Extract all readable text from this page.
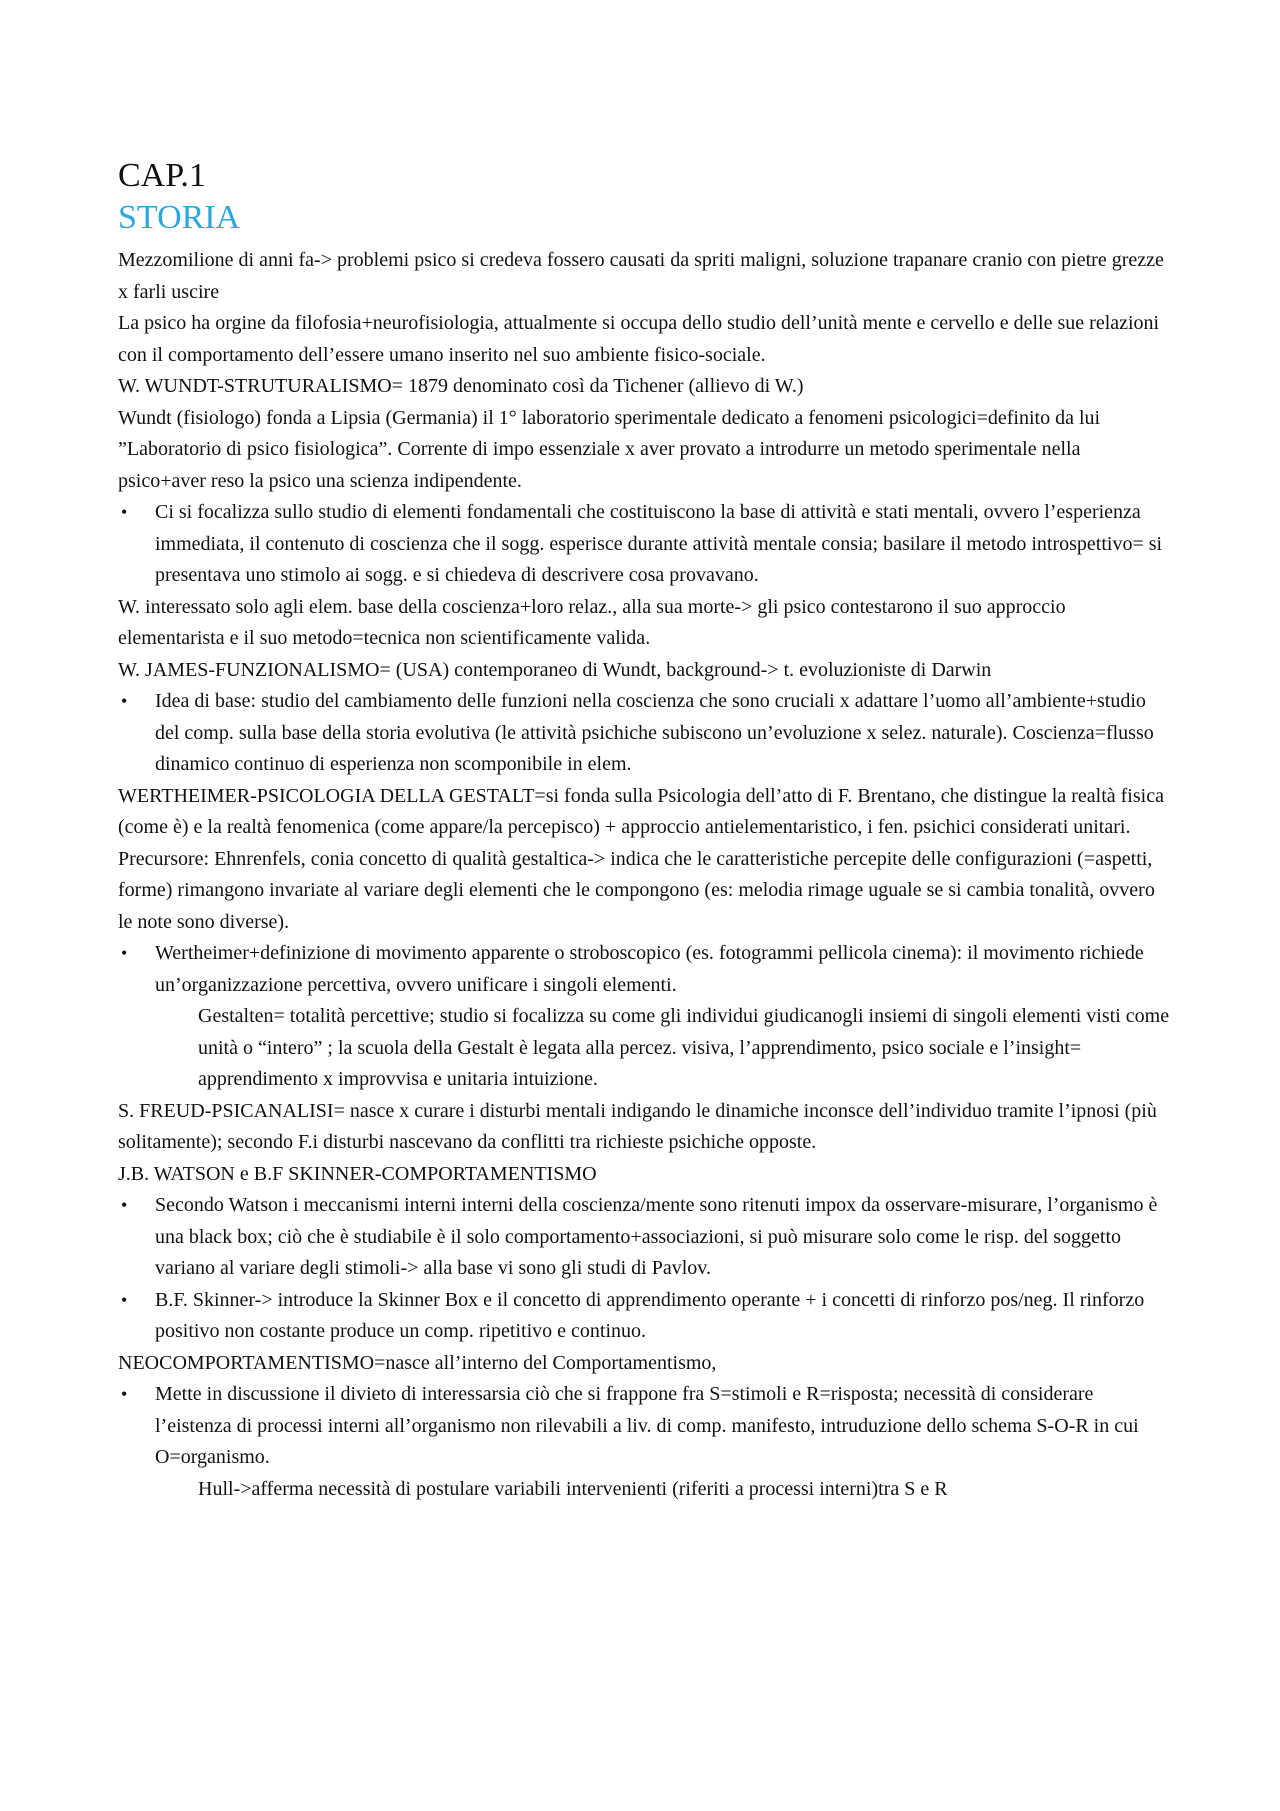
CAP.1
STORIA

Mezzomilione di anni fa-> problemi psico si credeva fossero causati da spriti maligni, soluzione trapanare cranio con pietre grezze x farli uscire

La psico ha orgine da filofosia+neurofisiologia, attualmente si occupa dello studio dell’unità mente e cervello e delle sue relazioni con il comportamento dell’essere umano inserito nel suo ambiente fisico-sociale.

W. WUNDT-STRUTURALISMO= 1879 denominato così da Tichener (allievo di W.)

Wundt (fisiologo) fonda a Lipsia (Germania) il 1° laboratorio sperimentale dedicato a fenomeni psicologici=definito da lui ”Laboratorio di psico fisiologica”. Corrente di impo essenziale x aver provato a introdurre un metodo sperimentale nella psico+aver reso la psico una scienza indipendente.

• Ci si focalizza sullo studio di elementi fondamentali che costituiscono la base di attività e stati mentali, ovvero l’esperienza immediata, il contenuto di coscienza che il sogg. esperisce durante attività mentale consia; basilare il metodo introspettivo= si presentava uno stimolo ai sogg. e si chiedeva di descrivere cosa provavano.

W. interessato solo agli elem. base della coscienza+loro relaz., alla sua morte-> gli psico contestarono il suo approccio elementarista e il suo metodo=tecnica non scientificamente valida.

W. JAMES-FUNZIONALISMO= (USA) contemporaneo di Wundt, background-> t. evoluzioniste di Darwin

• Idea di base: studio del cambiamento delle funzioni nella coscienza che sono cruciali x adattare l’uomo all’ambiente+studio del comp. sulla base della storia evolutiva (le attività psichiche subiscono un’evoluzione x selez. naturale). Coscienza=flusso dinamico continuo di esperienza non scomponibile in elem.

WERTHEIMER-PSICOLOGIA DELLA GESTALT=si fonda sulla Psicologia dell’atto di F. Brentano, che distingue la realtà fisica (come è) e la realtà fenomenica (come appare/la percepisco) + approccio antielementaristico, i fen. psichici considerati unitari.

Precursore: Ehnrenfels, conia concetto di qualità gestaltica-> indica che le caratteristiche percepite delle configurazioni (=aspetti, forme) rimangono invariate al variare degli elementi che le compongono (es: melodia rimage uguale se si cambia tonalità, ovvero le note sono diverse).

• Wertheimer+definizione di movimento apparente o stroboscopico (es. fotogrammi pellicola cinema): il movimento richiede un’organizzazione percettiva, ovvero unificare i singoli elementi.

Gestalten= totalità percettive; studio si focalizza su come gli individui giudicanogli insiemi di singoli elementi visti come unità o “intero” ; la scuola della Gestalt è legata alla percez. visiva, l’apprendimento, psico sociale e l’insight= apprendimento x improvvisa e unitaria intuizione.

S. FREUD-PSICANALISI= nasce x curare i disturbi mentali indigando le dinamiche inconsce dell’individuo tramite l’ipnosi (più solitamente); secondo F.i disturbi nascevano da conflitti tra richieste psichiche opposte.

J.B. WATSON e B.F SKINNER-COMPORTAMENTISMO

• Secondo Watson i meccanismi interni interni della coscienza/mente sono ritenuti impox da osservare-misurare, l’organismo è una black box; ciò che è studiabile è il solo comportamento+associazioni, si può misurare solo come le risp. del soggetto variano al variare degli stimoli-> alla base vi sono gli studi di Pavlov.
• B.F. Skinner-> introduce la Skinner Box e il concetto di apprendimento operante + i concetti di rinforzo pos/neg. Il rinforzo positivo non costante produce un comp. ripetitivo e continuo.

NEOCOMPORTAMENTISMO=nasce all’interno del Comportamentismo,

• Mette in discussione il divieto di interessarsia ciò che si frappone fra S=stimoli e R=risposta; necessità di considerare l’eistenza di processi interni all’organismo non rilevabili a liv. di comp. manifesto, intruduzione dello schema S-O-R in cui O=organismo.

Hull->afferma necessità di postulare variabili intervenienti (riferiti a processi interni)tra S e R
